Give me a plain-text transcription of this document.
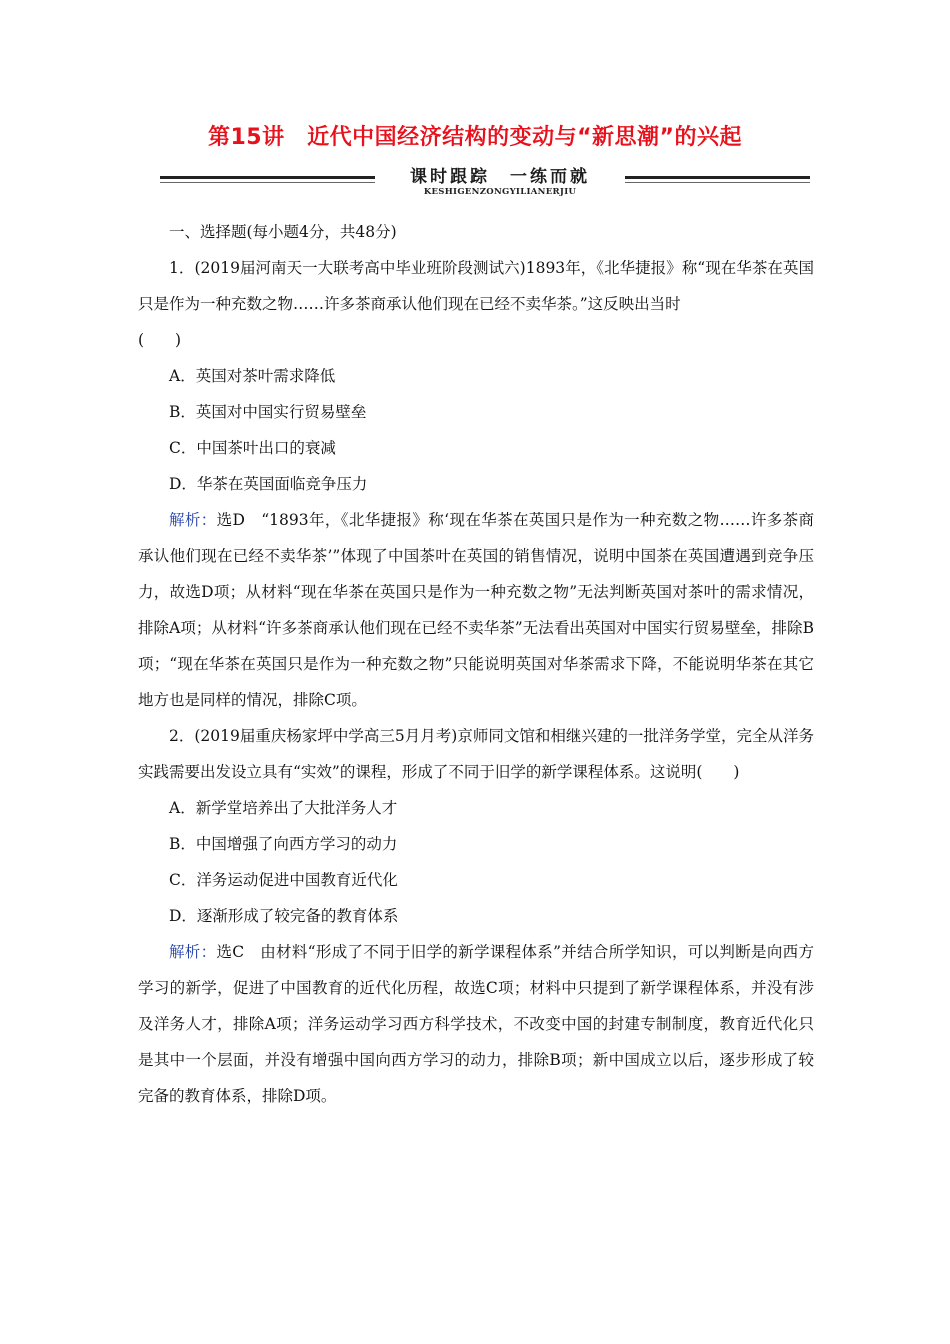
第15讲　近代中国经济结构的变动与“新思潮”的兴起
课时跟踪　一练而就
KESHIGENZONGYILIANERJIU

一、选择题(每小题4分，共48分)

1．(2019届河南天一大联考高中毕业班阶段测试六)1893年，《北华捷报》称“现在华茶在英国只是作为一种充数之物……许多茶商承认他们现在已经不卖华茶。”这反映出当时

(　　)

A．英国对茶叶需求降低

B．英国对中国实行贸易壁垒

C．中国茶叶出口的衰减

D．华茶在英国面临竞争压力

解析：选D　“1893年，《北华捷报》称‘现在华茶在英国只是作为一种充数之物……许多茶商承认他们现在已经不卖华茶’”体现了中国茶叶在英国的销售情况，说明中国茶在英国遭遇到竞争压力，故选D项；从材料“现在华茶在英国只是作为一种充数之物”无法判断英国对茶叶的需求情况，排除A项；从材料“许多茶商承认他们现在已经不卖华茶”无法看出英国对中国实行贸易壁垒，排除B项；“现在华茶在英国只是作为一种充数之物”只能说明英国对华茶需求下降，不能说明华茶在其它地方也是同样的情况，排除C项。

2．(2019届重庆杨家坪中学高三5月月考)京师同文馆和相继兴建的一批洋务学堂，完全从洋务实践需要出发设立具有“实效”的课程，形成了不同于旧学的新学课程体系。这说明(　　)

A．新学堂培养出了大批洋务人才

B．中国增强了向西方学习的动力

C．洋务运动促进中国教育近代化

D．逐渐形成了较完备的教育体系

解析：选C　由材料“形成了不同于旧学的新学课程体系”并结合所学知识，可以判断是向西方学习的新学，促进了中国教育的近代化历程，故选C项；材料中只提到了新学课程体系，并没有涉及洋务人才，排除A项；洋务运动学习西方科学技术，不改变中国的封建专制制度，教育近代化只是其中一个层面，并没有增强中国向西方学习的动力，排除B项；新中国成立以后，逐步形成了较完备的教育体系，排除D项。
